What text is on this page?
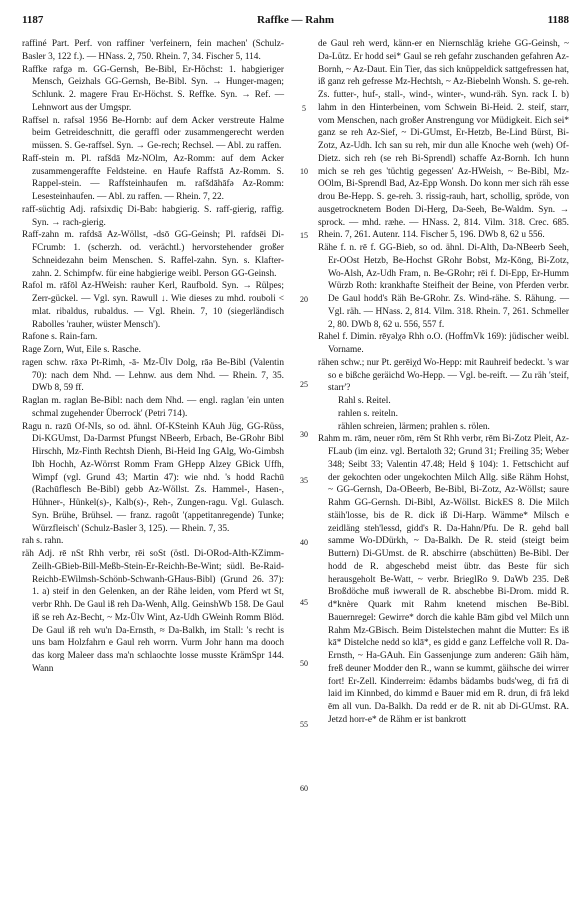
1187	Raffke — Rahm	1188
5
10
15
20
25
30
35
40
45
50
55
60

raffiné Part. Perf. von raffiner 'verfeinern, fein machen' (Schulz-Basler 3, 122 f.). — HNass. 2, 750. Rhein. 7, 34. Fischer 5, 114.

Raffke rafgə m. GG-Gernsh, Be-Bibl, Er-Höchst: 1. habgieriger Mensch, Geizhals GG-Gernsh, Be-Bibl. Syn. → Hunger-magen; Schlunk. 2. magere Frau Er-Höchst. S. Reffke. Syn. → Ref. — Lehnwort aus der Umgspr.

Raffsel n. rafsəl 1956 Be-Hornb: auf dem Acker verstreute Halme beim Getreideschnitt, die geraffl oder zusammengerecht werden müssen. S. Ge-raffsel. Syn. → Ge-rech; Rechsel. — Abl. zu raffen.

Raff-stein m. Pl. rafšdā Mz-NOlm, Az-Romm: auf dem Acker zusammengeraffte Feldsteine. en Haufe Raffstā Az-Romm. S. Rappel-stein. — Raffsteinhaufen m. rafšdāhāfə Az-Romm: Lesesteinhaufen. — Abl. zu raffen. — Rhein. 7, 22.

raff-süchtig Adj. rafsixdiç Di-Bab: habgierig. S. raff-gierig, raffig. Syn. → rach-gierig.

Raff-zahn m. rafdsā Az-Wöllst, -dsō GG-Geinsh; Pl. rafdsēi Di-FCrumb: 1. (scherzh. od. verächtl.) hervorstehender großer Schneidezahn beim Menschen. S. Raffel-zahn. Syn. s. Klafter-zahn. 2. Schimpfw. für eine habgierige weibl. Person GG-Geinsh.

Rafol m. rāfōl Az-HWeish: rauher Kerl, Raufbold. Syn. → Rülpes; Zerr-gückel. — Vgl. syn. Rawull ↓. Wie dieses zu mhd. rouboli < mlat. ribaldus, rubaldus. — Vgl. Rhein. 7, 10 (siegerländisch Rabolles 'rauher, wüster Mensch').

Rafone s. Rain-farn.

Rage Zorn, Wut, Eile s. Rasche.

ragen schw. rāxə Pt-Rimh, -ā- Mz-Ülv Dolg, rāə Be-Bibl (Valentin 70): nach dem Nhd. — Lehnw. aus dem Nhd. — Rhein. 7, 35. DWb 8, 59 ff.

Raglan m. raglan Be-Bibl: nach dem Nhd. — engl. raglan 'ein unten schmal zugehender Überrock' (Petri 714).

Ragu n. razū Of-NIs, so od. ähnl. Of-KSteinh KAuh Jüg, GG-Rüss, Di-KGUmst, Da-Darmst Pfungst NBeerb, Erbach, Be-GRohr Bibl Hirschh, Mz-Finth Rechtsh Dienh, Bi-Heid Ing GAlg, Wo-Gimbsh Ibh Hochh, Az-Wörrst Romm Fram GHepp Alzey GBick Uffh, Wimpf (vgl. Grund 43; Martin 47): wie nhd. 's hodd Rachū (Rachūflesch Be-Bibl) gebb Az-Wöllst. Zs. Hammel-, Hasen-, Hühner-, Hünkel(s)-, Kalb(s)-, Reh-, Zungen-ragu. Vgl. Gulasch. Syn. Brühe, Brühsel. — franz. ragoût '(appetitanregende) Tunke; Würzfleisch' (Schulz-Basler 3, 125). — Rhein. 7, 35.

rah s. rahn.

räh Adj. rē nSt Rhh verbr, rēi soSt (östl. Di-ORod-Alth-KZimm-Zeilh-GBieb-Bill-Meßb-Stein-Er-Reichh-Be-Wint; südl. Be-Raid-Reichb-EWilmsh-Schönb-Schwanh-GHaus-Bibl) (Grund 26. 37): 1. a) steif in den Gelenken, an der Rähe leiden, vom Pferd wt St, verbr Rhh. De Gaul iß reh Da-Wenh, Allg. GeinshWb 158. De Gaul iß se reh Az-Becht, ~ Mz-Ülv Wint, Az-Udh GWeinh Romm Blöd. De Gaul iß reh wu'n Da-Ernsth, ≈ Da-Balkh, im Stall: 's recht is uns bam Holzfahrn e Gaul reh worrn. Vurm Johr hann ma dooch das korg Maleer dass ma'n schlaochte losse musste KrämSpr 144. Wann

de Gaul reh werd, känn-er en Niernschläg kriehe GG-Geinsh, ~ Da-Lütz. Er hodd sei* Gaul se reh gefahr zuschanden gefahren Az-Bornh, ~ Az-Daut. Ein Tier, das sich knüppeldick sattgefressen hat, iß ganz reh gefresse Mz-Hechtsh, ~ Az-Biebelnh Wonsh. S. ge-reh. Zs. futter-, huf-, stall-, wind-, winter-, wund-räh. Syn. rack I. b) lahm in den Hinterbeinen, vom Schwein Bi-Heid. 2. steif, starr, vom Menschen, nach großer Anstrengung vor Müdigkeit. Eich sei* ganz se reh Az-Sief, ~ Di-GUmst, Er-Hetzb, Be-Lind Bürst, Bi-Zotz, Az-Udh. Ich san su reh, mir dun alle Knoche weh (weh) Of-Dietz. sich reh (se reh Bi-Sprendl) schaffe Az-Bornh. Ich hunn mich se reh ges 'tüchtig gegessen' Az-HWeish, ~ Be-Bibl, Mz-OOlm, Bi-Sprendl Bad, Az-Epp Wonsh. Do konn mer sich räh esse drou Be-Hepp. S. ge-reh. 3. rissig-rauh, hart, schollig, spröde, von ausgetrocknetem Boden Di-Herg, Da-Seeh, Be-Waldm. Syn. → sprock. — mhd. ræhe. — HNass. 2, 814. Vilm. 318. Crec. 685. Rhein. 7, 261. Autenr. 114. Fischer 5, 196. DWb 8, 62 u 556.

Rähe f. n. rē f. GG-Bieb, so od. ähnl. Di-Alth, Da-NBeerb Seeh, Er-OOst Hetzb, Be-Hochst GRohr Bobst, Mz-Kōng, Bi-Zotz, Wo-Alsh, Az-Udh Fram, n. Be-GRohr; rēi f. Di-Epp, Er-Humm Würzb Roth: krankhafte Steifheit der Beine, von Pferden verbr. De Gaul hodd's Räh Be-GRohr. Zs. Wind-rähe. S. Rähung. — Vgl. räh. — HNass. 2, 814. Vilm. 318. Rhein. 7, 261. Schmeller 2, 80. DWb 8, 62 u. 556, 557 f.

Rahel f. Dimin. rēyəlχə Rhh o.O. (HoffmVk 169): jüdischer weibl. Vorname.

rähen schw.; nur Pt. gerēiχd Wo-Hepp: mit Rauhreif bedeckt. 's war so e bißche geräichd Wo-Hepp. — Vgl. be-reift. — Zu räh 'steif, starr'?

Rahl s. Reitel.

rahlen s. reiteln.

rählen schreien, lärmen; prahlen s. rölen.

Rahm m. rām, neuer rōm, rēm St Rhh verbr, rēm Bi-Zotz Pleit, Az-FLaub (im einz. vgl. Bertaloth 32; Grund 31; Freiling 35; Weber 348; Seibt 33; Valentin 47.48; Held § 104): 1. Fettschicht auf der gekochten oder ungekochten Milch Allg. siße Rähm Hohst, ~ GG-Gernsh, Da-OBeerb, Be-Bibl, Bi-Zotz, Az-Wöllst; saure Rahm GG-Gernsh. Di-Bibl, Az-Wöllst. BickES 8. Die Milch stäih'losse, bis de R. dick iß Di-Harp. Wämme* Milsch e zeidläng steh'lessd, gidd's R. Da-Hahn/Pfu. De R. gehd ball samme Wo-DDürkh, ~ Da-Balkh. De R. steid (steigt beim Buttern) Di-GUmst. de R. abschirre (abschütten) Be-Bibl. Der hodd de R. abgeschebd meist übtr. das Beste für sich herausgeholt Be-Watt, ~ verbr. BrieglRo 9. DaWb 235. Deß Broßdöche muß iwwerall de R. abschebbe Bi-Drom. midd R. d*knère Quark mit Rahm knetend mischen Be-Bibl. Bauernregel: Gewirre* dorch die kahle Bām gibd vel Milch unn Rahm Mz-GBisch. Beim Distelstechen mahnt die Mutter: Es iß kā* Distelche nedd so klā*, es gidd e ganz Leffelche voll R. Da-Ernsth, ~ Ha-GAuh. Ein Gassenjunge zum anderen: Gāih häm, freß deuner Modder den R., wann se kummt, gäihsche dei wirrer fort! Er-Zell. Kinderreim: ëdambs bädambs buds'weg, di frā di laid im Kinnbed, do kimmd e Bauer mid em R. drun, di frā lekd ēm all vun. Da-Balkh. Da redd er de R. nit ab Di-GUmst. RA. Jetzd horr-e* de Rähm er ist bankrott
